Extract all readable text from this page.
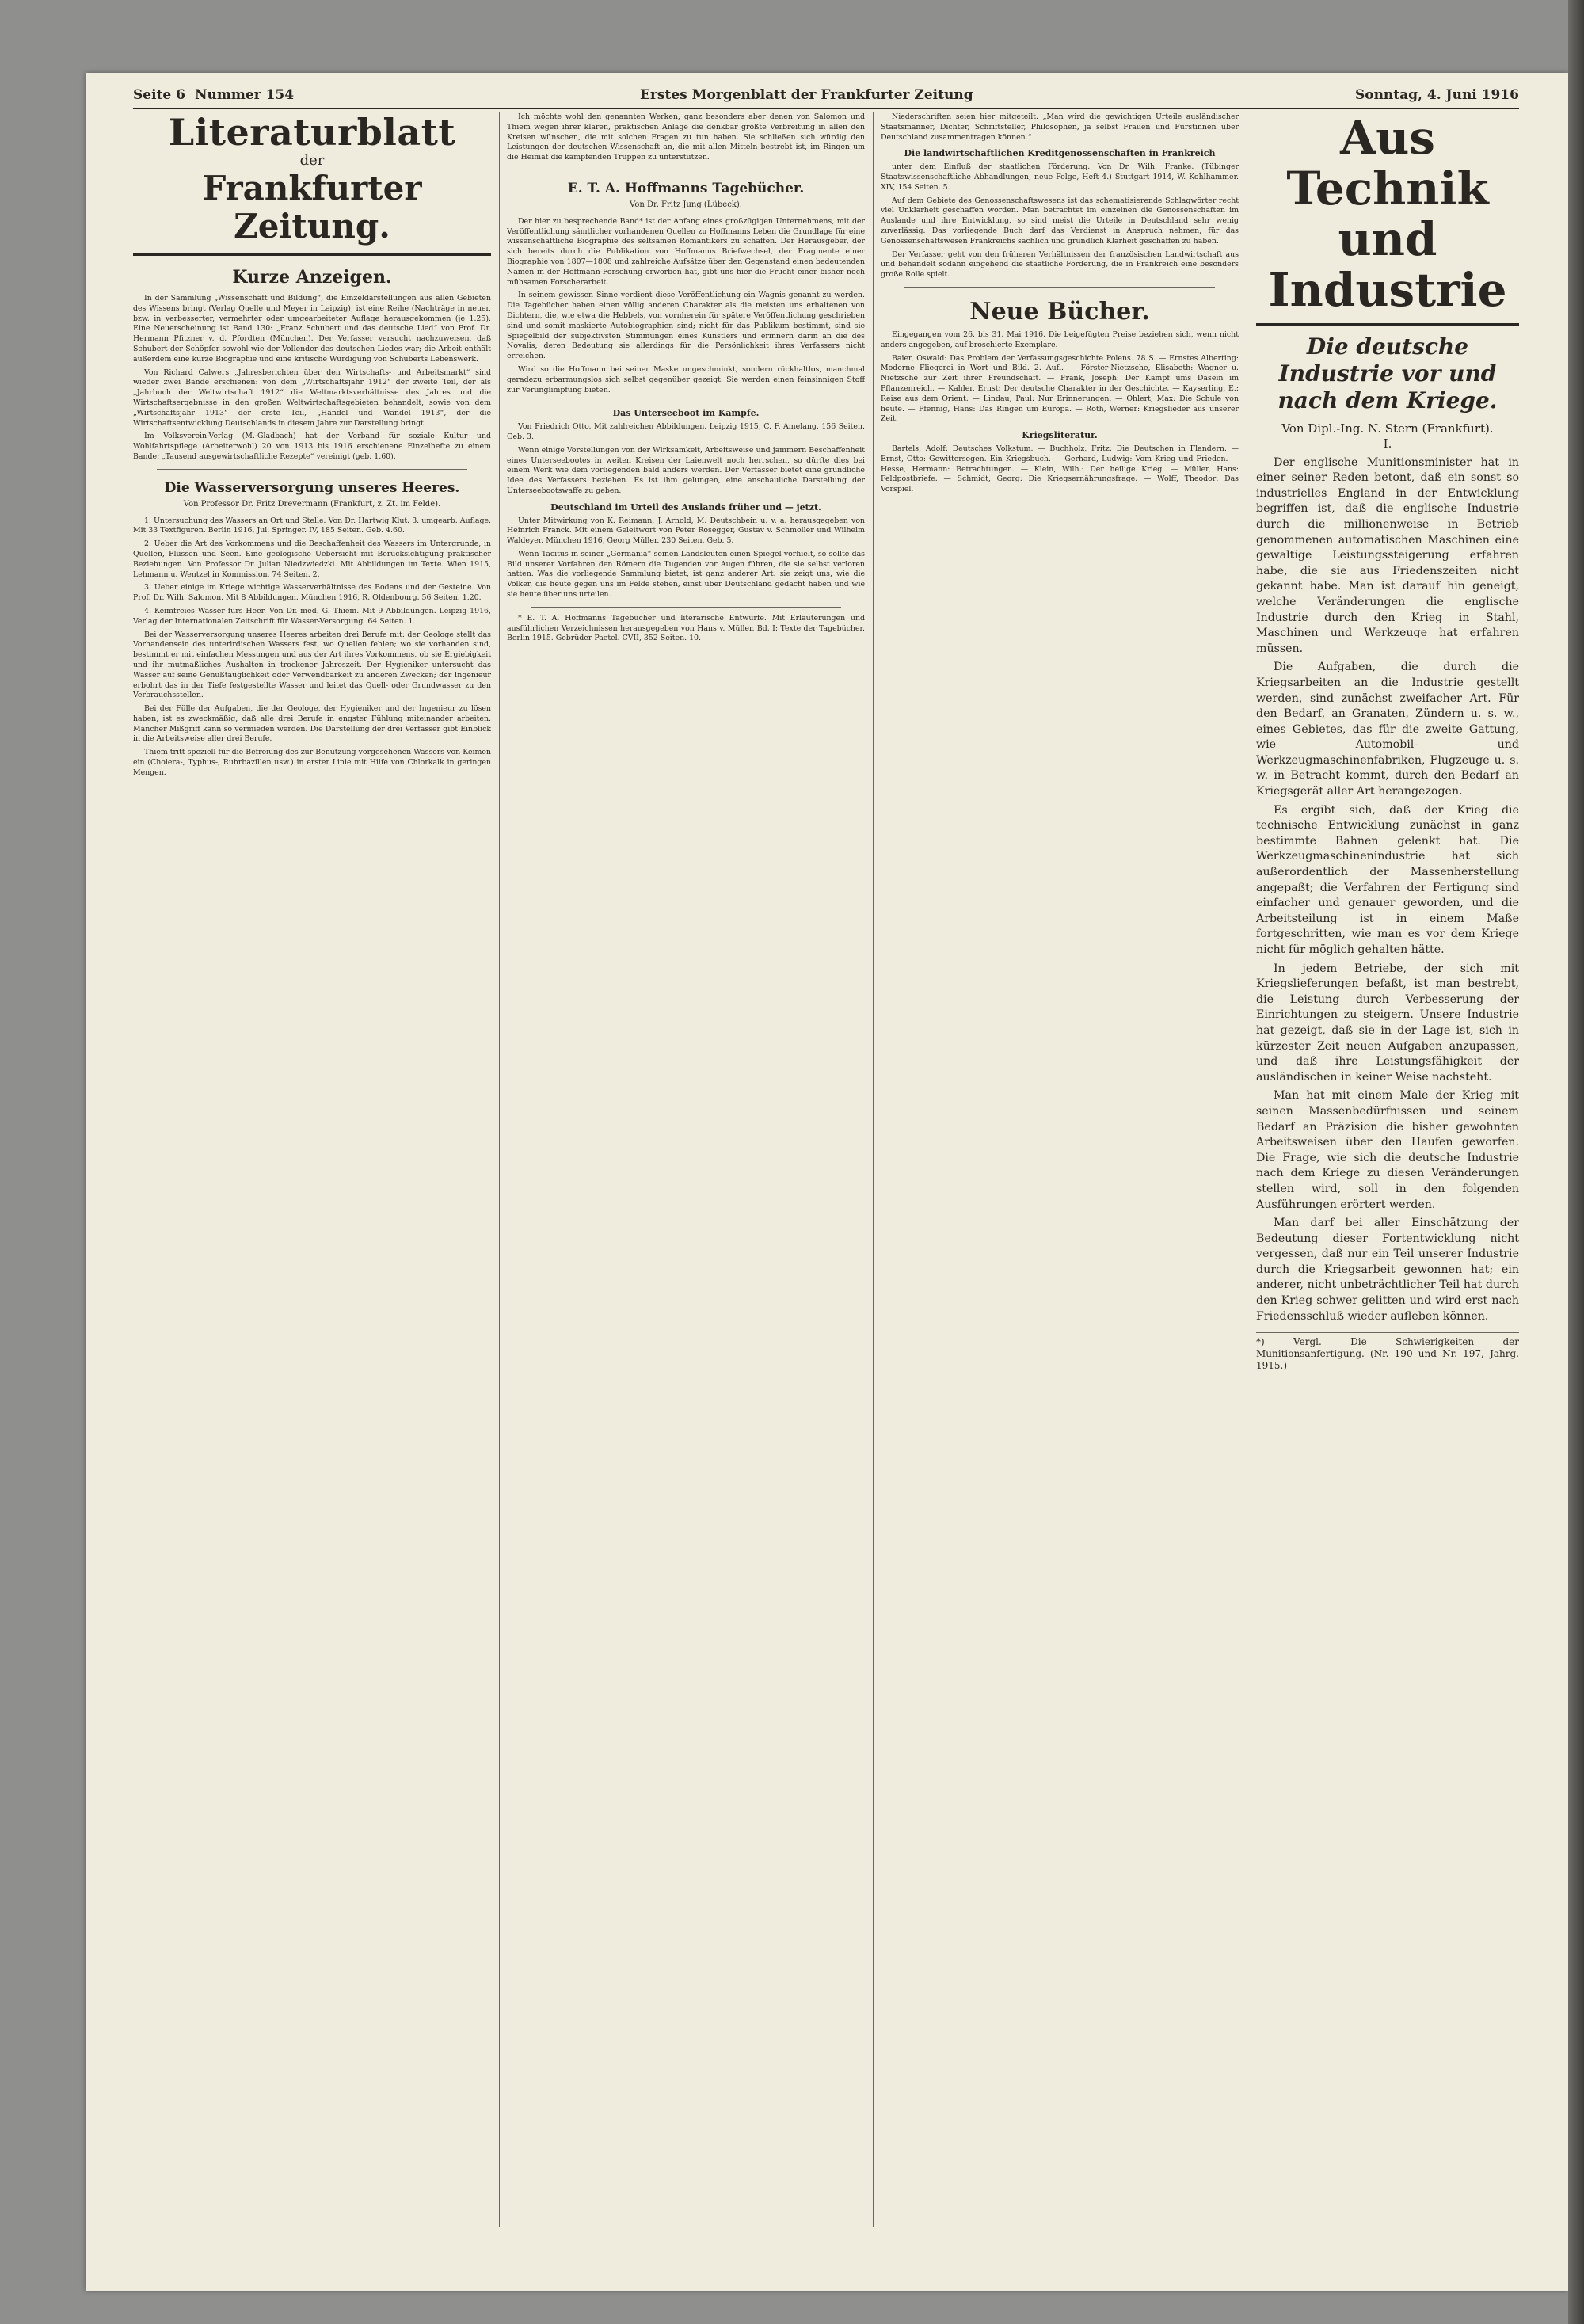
Seite 6 Nummer 154	Erstes Morgenblatt der Frankfurter Zeitung	Sonntag, 4. Juni 1916
Literaturblatt
der
Frankfurter Zeitung.
Kurze Anzeigen.

In der Sammlung „Wissenschaft und Bildung“, die Einzeldarstellungen aus allen Gebieten des Wissens bringt (Verlag Quelle und Meyer in Leipzig), ist eine Reihe (Nachträge in neuer, bzw. in verbesserter, vermehrter oder umgearbeiteter Auflage herausgekommen (je 1.25). Eine Neuerscheinung ist Band 130: „Franz Schubert und das deutsche Lied“ von Prof. Dr. Hermann Pfitzner v. d. Pfordten (München). Der Verfasser versucht nachzuweisen, daß Schubert der Schöpfer sowohl wie der Vollender des deutschen Liedes war; die Arbeit enthält außerdem eine kurze Biographie und eine kritische Würdigung von Schuberts Lebenswerk.

Von Richard Calwers „Jahresberichten über den Wirtschafts- und Arbeitsmarkt“ sind wieder zwei Bände erschienen: von dem „Wirtschaftsjahr 1912“ der zweite Teil, der als „Jahrbuch der Weltwirtschaft 1912“ die Weltmarktsverhältnisse des Jahres und die Wirtschaftsergebnisse in den großen Weltwirtschaftsgebieten behandelt, sowie von dem „Wirtschaftsjahr 1913“ der erste Teil, „Handel und Wandel 1913“, der die Wirtschaftsentwicklung Deutschlands in diesem Jahre zur Darstellung bringt.

Im Volksverein-Verlag (M.-Gladbach) hat der Verband für soziale Kultur und Wohlfahrtspflege (Arbeiterwohl) 20 von 1913 bis 1916 erschienene Einzelhefte zu einem Bande: „Tausend ausgewirtschaftliche Rezepte“ vereinigt (geb. 1.60).

Die Wasserversorgung unseres Heeres.
Von Professor Dr. Fritz Drevermann (Frankfurt, z. Zt. im Felde).

1. Untersuchung des Wassers an Ort und Stelle. Von Dr. Hartwig Klut. 3. umgearb. Auflage. Mit 33 Textfiguren. Berlin 1916, Jul. Springer. IV, 185 Seiten. Geb. 4.60.

2. Ueber die Art des Vorkommens und die Beschaffenheit des Wassers im Untergrunde, in Quellen, Flüssen und Seen. Eine geologische Uebersicht mit Berücksichtigung praktischer Beziehungen. Von Professor Dr. Julian Niedzwiedzki. Mit Abbildungen im Texte. Wien 1915, Lehmann u. Wentzel in Kommission. 74 Seiten. 2.

3. Ueber einige im Kriege wichtige Wasserverhältnisse des Bodens und der Gesteine. Von Prof. Dr. Wilh. Salomon. Mit 8 Abbildungen. München 1916, R. Oldenbourg. 56 Seiten. 1.20.

4. Keimfreies Wasser fürs Heer. Von Dr. med. G. Thiem. Mit 9 Abbildungen. Leipzig 1916, Verlag der Internationalen Zeitschrift für Wasser-Versorgung. 64 Seiten. 1.

Bei der Wasserversorgung unseres Heeres arbeiten drei Berufe mit: der Geologe stellt das Vorhandensein des unterirdischen Wassers fest, wo Quellen fehlen; wo sie vorhanden sind, bestimmt er mit einfachen Messungen und aus der Art ihres Vorkommens, ob sie Ergiebigkeit und ihr mutmaßliches Aushalten in trockener Jahreszeit. Der Hygieniker untersucht das Wasser auf seine Genußtauglichkeit oder Verwendbarkeit zu anderen Zwecken; der Ingenieur erbohrt das in der Tiefe festgestellte Wasser und leitet das Quell- oder Grundwasser zu den Verbrauchsstellen.

Bei der Fülle der Aufgaben, die der Geologe, der Hygieniker und der Ingenieur zu lösen haben, ist es zweckmäßig, daß alle drei Berufe in engster Fühlung miteinander arbeiten. Mancher Mißgriff kann so vermieden werden. Die Darstellung der drei Verfasser gibt Einblick in die Arbeitsweise aller drei Berufe.

Thiem tritt speziell für die Befreiung des zur Benutzung vorgesehenen Wassers von Keimen ein (Cholera-, Typhus-, Ruhrbazillen usw.) in erster Linie mit Hilfe von Chlorkalk in geringen Mengen.

Ich möchte wohl den genannten Werken, ganz besonders aber denen von Salomon und Thiem wegen ihrer klaren, praktischen Anlage die denkbar größte Verbreitung in allen den Kreisen wünschen, die mit solchen Fragen zu tun haben. Sie schließen sich würdig den Leistungen der deutschen Wissenschaft an, die mit allen Mitteln bestrebt ist, im Ringen um die Heimat die kämpfenden Truppen zu unterstützen.

E. T. A. Hoffmanns Tagebücher.
Von Dr. Fritz Jung (Lübeck).

Der hier zu besprechende Band* ist der Anfang eines großzügigen Unternehmens, mit der Veröffentlichung sämtlicher vorhandenen Quellen zu Hoffmanns Leben die Grundlage für eine wissenschaftliche Biographie des seltsamen Romantikers zu schaffen. Der Herausgeber, der sich bereits durch die Publikation von Hoffmanns Briefwechsel, der Fragmente einer Biographie von 1807—1808 und zahlreiche Aufsätze über den Gegenstand einen bedeutenden Namen in der Hoffmann-Forschung erworben hat, gibt uns hier die Frucht einer bisher noch mühsamen Forscherarbeit.

In seinem gewissen Sinne verdient diese Veröffentlichung ein Wagnis genannt zu werden. Die Tagebücher haben einen völlig anderen Charakter als die meisten uns erhaltenen von Dichtern, die, wie etwa die Hebbels, von vornherein für spätere Veröffentlichung geschrieben sind und somit maskierte Autobiographien sind; nicht für das Publikum bestimmt, sind sie Spiegelbild der subjektivsten Stimmungen eines Künstlers und erinnern darin an die des Novalis, deren Bedeutung sie allerdings für die Persönlichkeit ihres Verfassers nicht erreichen.

Wird so die Hoffmann bei seiner Maske ungeschminkt, sondern rückhaltlos, manchmal geradezu erbarmungslos sich selbst gegenüber gezeigt. Sie werden einen feinsinnigen Stoff zur Verunglimpfung bieten.

Das Unterseeboot im Kampfe.

Von Friedrich Otto. Mit zahlreichen Abbildungen. Leipzig 1915, C. F. Amelang. 156 Seiten. Geb. 3.

Wenn einige Vorstellungen von der Wirksamkeit, Arbeitsweise und jammern Beschaffenheit eines Unterseebootes in weiten Kreisen der Laienwelt noch herrschen, so dürfte dies bei einem Werk wie dem vorliegenden bald anders werden. Der Verfasser bietet eine gründliche Idee des Verfassers beziehen. Es ist ihm gelungen, eine anschauliche Darstellung der Unterseebootswaffe zu geben.

Deutschland im Urteil des Auslands früher und — jetzt.

Unter Mitwirkung von K. Reimann, J. Arnold, M. Deutschbein u. v. a. herausgegeben von Heinrich Franck. Mit einem Geleitwort von Peter Rosegger, Gustav v. Schmoller und Wilhelm Waldeyer. München 1916, Georg Müller. 230 Seiten. Geb. 5.

Wenn Tacitus in seiner „Germania“ seinen Landsleuten einen Spiegel vorhielt, so sollte das Bild unserer Vorfahren den Römern die Tugenden vor Augen führen, die sie selbst verloren hatten. Was die vorliegende Sammlung bietet, ist ganz anderer Art: sie zeigt uns, wie die Völker, die heute gegen uns im Felde stehen, einst über Deutschland gedacht haben und wie sie heute über uns urteilen.

* E. T. A. Hoffmanns Tagebücher und literarische Entwürfe. Mit Erläuterungen und ausführlichen Verzeichnissen herausgegeben von Hans v. Müller. Bd. I: Texte der Tagebücher. Berlin 1915. Gebrüder Paetel. CVII, 352 Seiten. 10.

Niederschriften seien hier mitgeteilt. „Man wird die gewichtigen Urteile ausländischer Staatsmänner, Dichter, Schriftsteller, Philosophen, ja selbst Frauen und Fürstinnen über Deutschland zusammentragen können.“

Die landwirtschaftlichen Kreditgenossenschaften in Frankreich

unter dem Einfluß der staatlichen Förderung. Von Dr. Wilh. Franke. (Tübinger Staatswissenschaftliche Abhandlungen, neue Folge, Heft 4.) Stuttgart 1914, W. Kohlhammer. XIV, 154 Seiten. 5.

Auf dem Gebiete des Genossenschaftswesens ist das schematisierende Schlagwörter recht viel Unklarheit geschaffen worden. Man betrachtet im einzelnen die Genossenschaften im Auslande und ihre Entwicklung, so sind meist die Urteile in Deutschland sehr wenig zuverlässig. Das vorliegende Buch darf das Verdienst in Anspruch nehmen, für das Genossenschaftswesen Frankreichs sachlich und gründlich Klarheit geschaffen zu haben.

Der Verfasser geht von den früheren Verhältnissen der französischen Landwirtschaft aus und behandelt sodann eingehend die staatliche Förderung, die in Frankreich eine besonders große Rolle spielt.

Neue Bücher.

Eingegangen vom 26. bis 31. Mai 1916. Die beigefügten Preise beziehen sich, wenn nicht anders angegeben, auf broschierte Exemplare.

Baier, Oswald: Das Problem der Verfassungsgeschichte Polens. 78 S. — Ernstes Alberting: Moderne Fliegerei in Wort und Bild. 2. Aufl. — Förster-Nietzsche, Elisabeth: Wagner u. Nietzsche zur Zeit ihrer Freundschaft. — Frank, Joseph: Der Kampf ums Dasein im Pflanzenreich. — Kahler, Ernst: Der deutsche Charakter in der Geschichte. — Kayserling, E.: Reise aus dem Orient. — Lindau, Paul: Nur Erinnerungen. — Ohlert, Max: Die Schule von heute. — Pfennig, Hans: Das Ringen um Europa. — Roth, Werner: Kriegslieder aus unserer Zeit.

Kriegsliteratur.

Bartels, Adolf: Deutsches Volkstum. — Buchholz, Fritz: Die Deutschen in Flandern. — Ernst, Otto: Gewittersegen. Ein Kriegsbuch. — Gerhard, Ludwig: Vom Krieg und Frieden. — Hesse, Hermann: Betrachtungen. — Klein, Wilh.: Der heilige Krieg. — Müller, Hans: Feldpostbriefe. — Schmidt, Georg: Die Kriegsernährungsfrage. — Wolff, Theodor: Das Vorspiel.

Aus Technik und Industrie
Die deutsche Industrie vor und nach dem Kriege.
Von Dipl.-Ing. N. Stern (Frankfurt).
I.

Der englische Munitionsminister hat in einer seiner Reden betont, daß ein sonst so industrielles England in der Entwicklung begriffen ist, daß die englische Industrie durch die millionenweise in Betrieb genommenen automatischen Maschinen eine gewaltige Leistungssteigerung erfahren habe, die sie aus Friedenszeiten nicht gekannt habe. Man ist darauf hin geneigt, welche Veränderungen die englische Industrie durch den Krieg in Stahl, Maschinen und Werkzeuge hat erfahren müssen.

Die Aufgaben, die durch die Kriegsarbeiten an die Industrie gestellt werden, sind zunächst zweifacher Art. Für den Bedarf, an Granaten, Zündern u. s. w., eines Gebietes, das für die zweite Gattung, wie Automobil- und Werkzeugmaschinenfabriken, Flugzeuge u. s. w. in Betracht kommt, durch den Bedarf an Kriegsgerät aller Art herangezogen.

Es ergibt sich, daß der Krieg die technische Entwicklung zunächst in ganz bestimmte Bahnen gelenkt hat. Die Werkzeugmaschinenindustrie hat sich außerordentlich der Massenherstellung angepaßt; die Verfahren der Fertigung sind einfacher und genauer geworden, und die Arbeitsteilung ist in einem Maße fortgeschritten, wie man es vor dem Kriege nicht für möglich gehalten hätte.

In jedem Betriebe, der sich mit Kriegslieferungen befaßt, ist man bestrebt, die Leistung durch Verbesserung der Einrichtungen zu steigern. Unsere Industrie hat gezeigt, daß sie in der Lage ist, sich in kürzester Zeit neuen Aufgaben anzupassen, und daß ihre Leistungsfähigkeit der ausländischen in keiner Weise nachsteht.

Man hat mit einem Male der Krieg mit seinen Massenbedürfnissen und seinem Bedarf an Präzision die bisher gewohnten Arbeitsweisen über den Haufen geworfen. Die Frage, wie sich die deutsche Industrie nach dem Kriege zu diesen Veränderungen stellen wird, soll in den folgenden Ausführungen erörtert werden.

Man darf bei aller Einschätzung der Bedeutung dieser Fortentwicklung nicht vergessen, daß nur ein Teil unserer Industrie durch die Kriegsarbeit gewonnen hat; ein anderer, nicht unbeträchtlicher Teil hat durch den Krieg schwer gelitten und wird erst nach Friedensschluß wieder aufleben können.

*) Vergl. Die Schwierigkeiten der Munitionsanfertigung. (Nr. 190 und Nr. 197, Jahrg. 1915.)
